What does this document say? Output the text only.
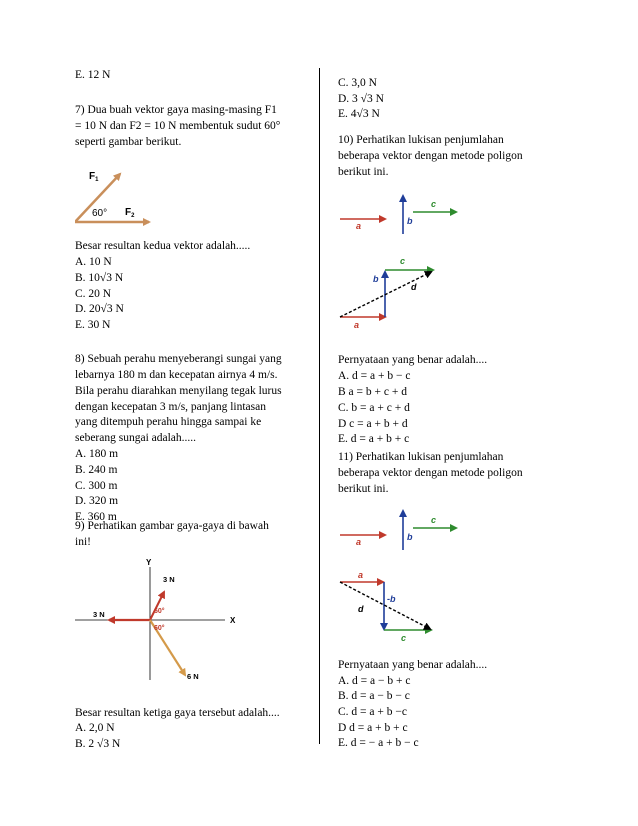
E. 12 N
7) Dua buah vektor gaya masing-masing F1
= 10 N dan F2 = 10 N membentuk sudut 60°
seperti gambar berikut.
$F_1$
$F_2$
60°
Besar resultan kedua vektor adalah.....
A. 10 N
B. 10√3 N
C. 20 N
D. 20√3 N
E. 30 N
8) Sebuah perahu menyeberangi sungai yang
lebarnya 180 m dan kecepatan airnya 4 m/s.
Bila perahu diarahkan menyilang tegak lurus
dengan kecepatan 3 m/s, panjang lintasan
yang ditempuh perahu hingga sampai ke
seberang sungai adalah.....
A. 180 m
B. 240 m
C. 300 m
D. 320 m
E. 360 m
9) Perhatikan gambar gaya-gaya di bawah
ini!
Y
X
3 N
3 N
6 N
60°
60°
Besar resultan ketiga gaya tersebut adalah....
A. 2,0 N
B. 2 √3 N
C. 3,0 N
D. 3 √3 N
E. 4√3 N
10) Perhatikan lukisan penjumlahan
beberapa vektor dengan metode poligon
berikut ini.
a	b
c
a
b
c
d
Pernyataan yang benar adalah....
A. d = a + b − c
B a = b + c + d
C. b = a + c + d
D c = a + b + d
E. d = a + b + c
11) Perhatikan lukisan penjumlahan
beberapa vektor dengan metode poligon
berikut ini.
a	b
c
a
-b
c
d
Pernyataan yang benar adalah....
A. d = a − b + c
B. d = a − b − c
C. d = a + b −c
D d = a + b + c
E. d = − a + b − c
